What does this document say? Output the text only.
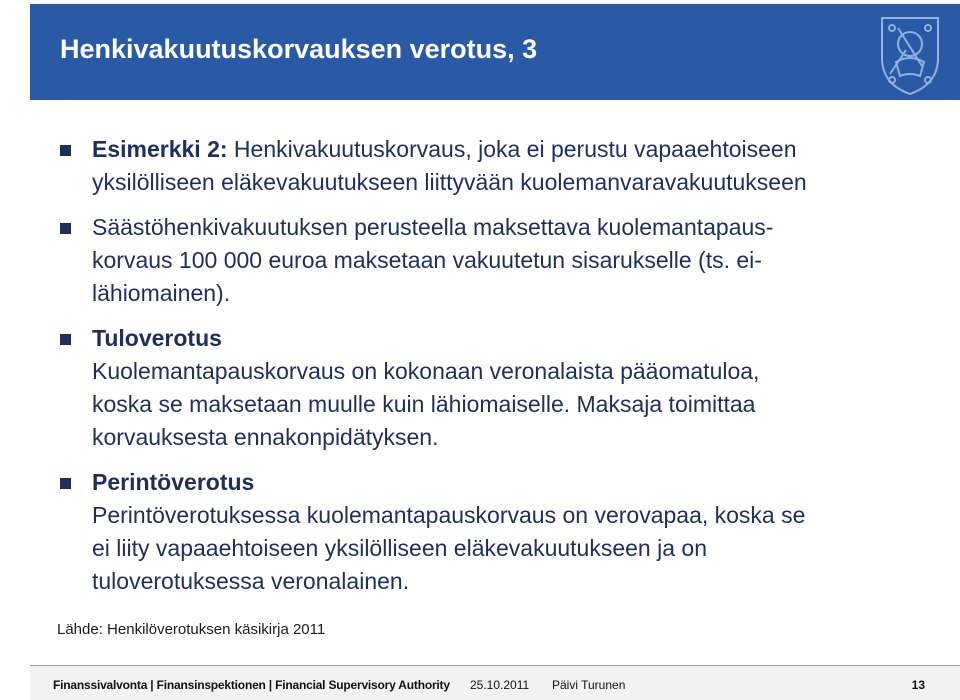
Henkivakuutuskorvauksen verotus, 3
Esimerkki 2: Henkivakuutuskorvaus, joka ei perustu vapaaehtoiseen
yksilölliseen eläkevakuutukseen liittyvään kuolemanvaravakuutukseen
Säästöhenkivakuutuksen perusteella maksettava kuolemantapaus-
korvaus 100 000 euroa maksetaan vakuutetun sisarukselle (ts. ei-
lähiomainen).
Tuloverotus
Kuolemantapauskorvaus on kokonaan veronalaista pääomatuloa,
koska se maksetaan muulle kuin lähiomaiselle. Maksaja toimittaa
korvauksesta ennakonpidätyksen.
Perintöverotus
Perintöverotuksessa kuolemantapauskorvaus on verovapaa, koska se
ei liity vapaaehtoiseen yksilölliseen eläkevakuutukseen ja on
tuloverotuksessa veronalainen.
Lähde: Henkilöverotuksen käsikirja 2011
Finanssivalvonta | Finansinspektionen | Financial Supervisory Authority 25.10.2011 Päivi Turunen	13
